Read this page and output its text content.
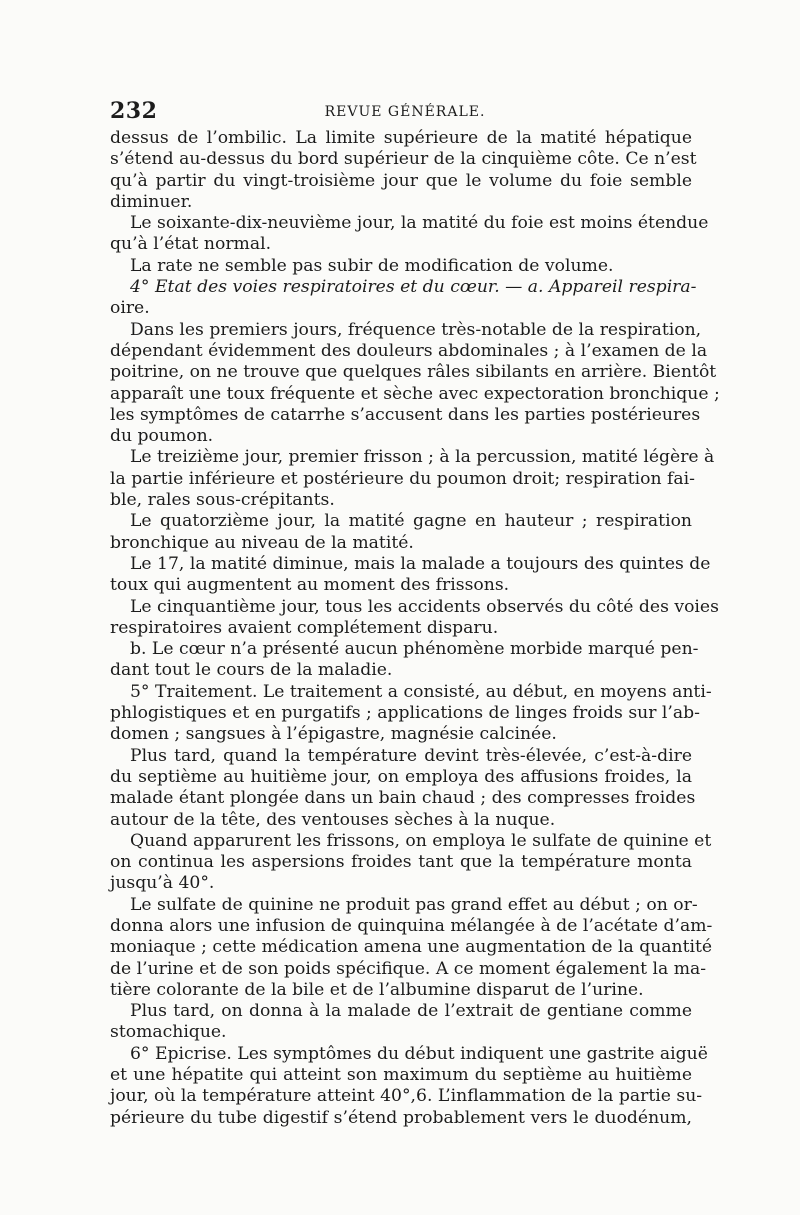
232	REVUE GÉNÉRALE.

dessus de l’ombilic. La limite supérieure de la matité hépatique
s’étend au-dessus du bord supérieur de la cinquième côte. Ce n’est
qu’à partir du vingt-troisième jour que le volume du foie semble
diminuer.

Le soixante-dix-neuvième jour, la matité du foie est moins étendue
qu’à l’état normal.

La rate ne semble pas subir de modification de volume.

4° Etat des voies respiratoires et du cœur. — a. Appareil respira-
oire.

Dans les premiers jours, fréquence très-notable de la respiration,
dépendant évidemment des douleurs abdominales ; à l’examen de la
poitrine, on ne trouve que quelques râles sibilants en arrière. Bientôt
apparaît une toux fréquente et sèche avec expectoration bronchique ;
les symptômes de catarrhe s’accusent dans les parties postérieures
du poumon.

Le treizième jour, premier frisson ; à la percussion, matité légère à
la partie inférieure et postérieure du poumon droit; respiration fai-
ble, rales sous-crépitants.

Le quatorzième jour, la matité gagne en hauteur ; respiration
bronchique au niveau de la matité.

Le 17, la matité diminue, mais la malade a toujours des quintes de
toux qui augmentent au moment des frissons.

Le cinquantième jour, tous les accidents observés du côté des voies
respiratoires avaient complétement disparu.

b. Le cœur n’a présenté aucun phénomène morbide marqué pen-
dant tout le cours de la maladie.

5° Traitement. Le traitement a consisté, au début, en moyens anti-
phlogistiques et en purgatifs ; applications de linges froids sur l’ab-
domen ; sangsues à l’épigastre, magnésie calcinée.

Plus tard, quand la température devint très-élevée, c’est-à-dire
du septième au huitième jour, on employa des affusions froides, la
malade étant plongée dans un bain chaud ; des compresses froides
autour de la tête, des ventouses sèches à la nuque.

Quand apparurent les frissons, on employa le sulfate de quinine et
on continua les aspersions froides tant que la température monta
jusqu’à 40°.

Le sulfate de quinine ne produit pas grand effet au début ; on or-
donna alors une infusion de quinquina mélangée à de l’acétate d’am-
moniaque ; cette médication amena une augmentation de la quantité
de l’urine et de son poids spécifique. A ce moment également la ma-
tière colorante de la bile et de l’albumine disparut de l’urine.

Plus tard, on donna à la malade de l’extrait de gentiane comme
stomachique.

6° Epicrise. Les symptômes du début indiquent une gastrite aiguë
et une hépatite qui atteint son maximum du septième au huitième
jour, où la température atteint 40°,6. L’inflammation de la partie su-
périeure du tube digestif s’étend probablement vers le duodénum,
